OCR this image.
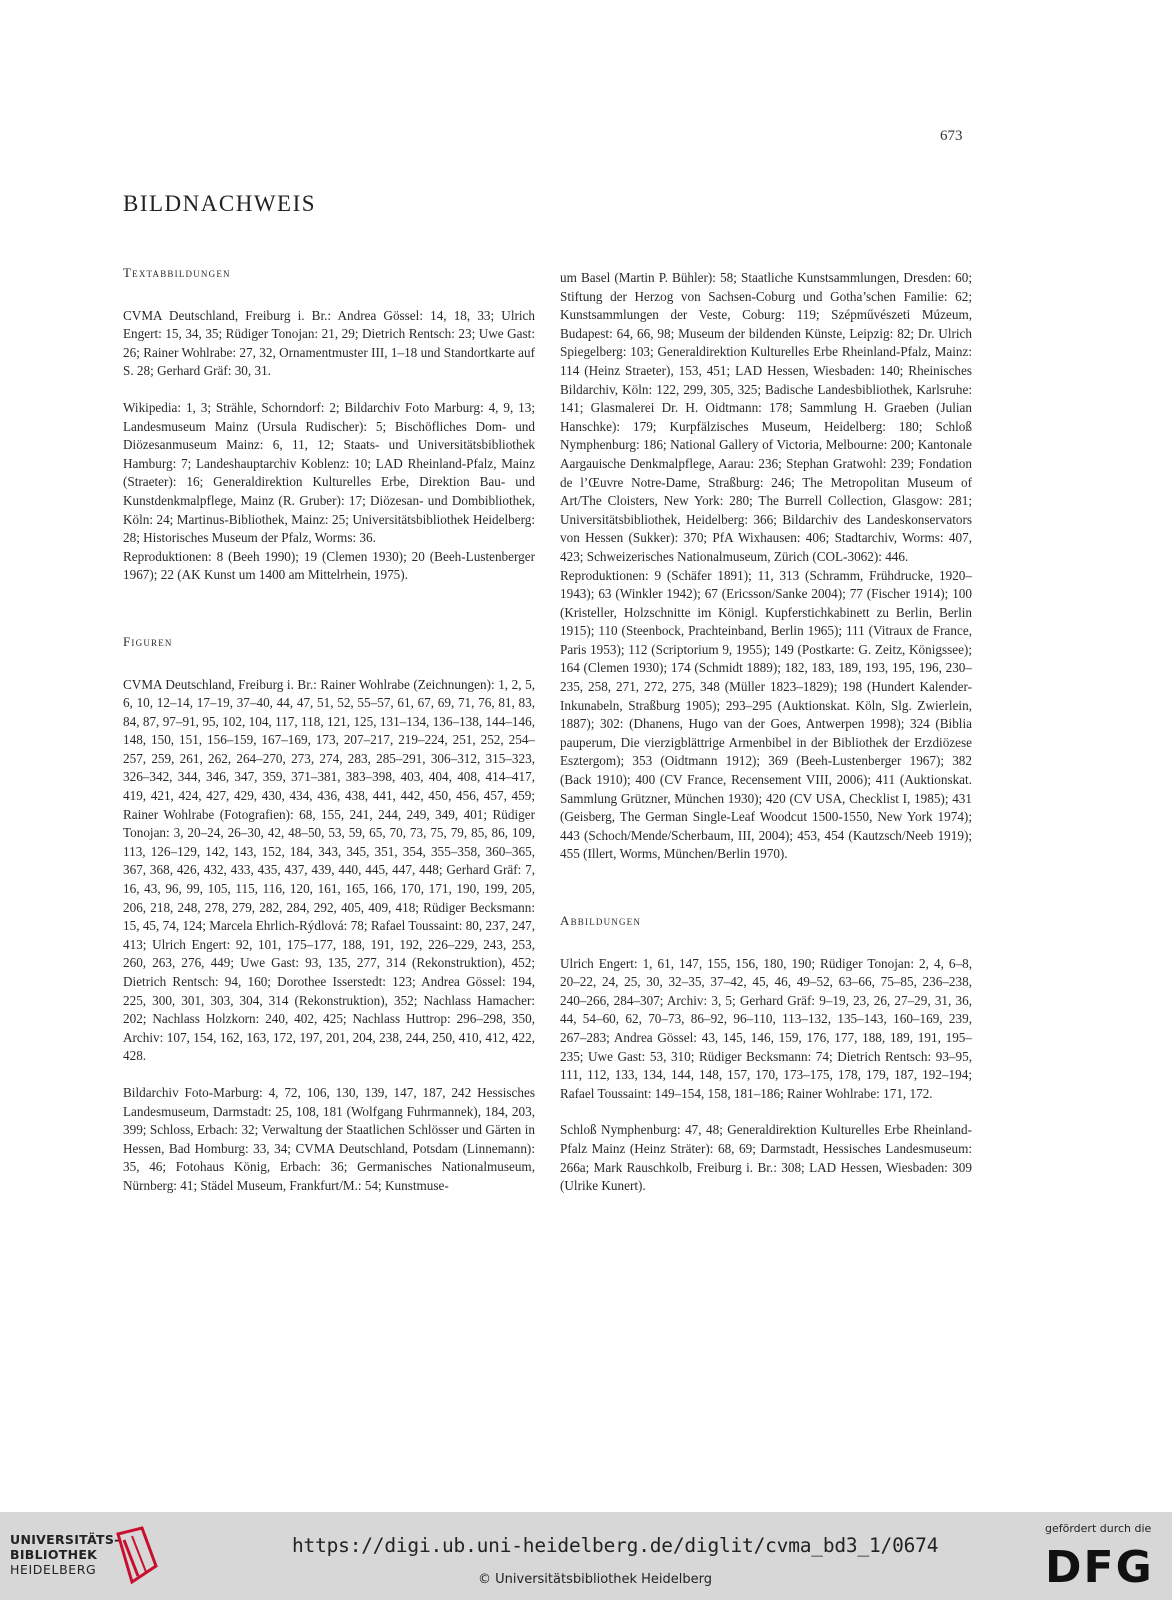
673
BILDNACHWEIS
Textabbildungen

CVMA Deutschland, Freiburg i. Br.: Andrea Gössel: 14, 18, 33; Ulrich Engert: 15, 34, 35; Rüdiger Tonojan: 21, 29; Dietrich Rentsch: 23; Uwe Gast: 26; Rainer Wohlrabe: 27, 32, Ornamentmuster III, 1–18 und Standortkarte auf S. 28; Gerhard Gräf: 30, 31.

Wikipedia: 1, 3; Strähle, Schorndorf: 2; Bildarchiv Foto Marburg: 4, 9, 13; Landesmuseum Mainz (Ursula Rudischer): 5; Bischöfliches Dom- und Diözesanmuseum Mainz: 6, 11, 12; Staats- und Universitätsbibliothek Hamburg: 7; Landeshauptarchiv Koblenz: 10; LAD Rheinland-Pfalz, Mainz (Straeter): 16; Generaldirektion Kulturelles Erbe, Direktion Bau- und Kunstdenkmalpflege, Mainz (R. Gruber): 17; Diözesan- und Dombibliothek, Köln: 24; Martinus-Bibliothek, Mainz: 25; Universitätsbibliothek Heidelberg: 28; Historisches Museum der Pfalz, Worms: 36.

Reproduktionen: 8 (Beeh 1990); 19 (Clemen 1930); 20 (Beeh-Lustenberger 1967); 22 (AK Kunst um 1400 am Mittelrhein, 1975).

Figuren

CVMA Deutschland, Freiburg i. Br.: Rainer Wohlrabe (Zeichnungen): 1, 2, 5, 6, 10, 12–14, 17–19, 37–40, 44, 47, 51, 52, 55–57, 61, 67, 69, 71, 76, 81, 83, 84, 87, 97–91, 95, 102, 104, 117, 118, 121, 125, 131–134, 136–138, 144–146, 148, 150, 151, 156–159, 167–169, 173, 207–217, 219–224, 251, 252, 254–257, 259, 261, 262, 264–270, 273, 274, 283, 285–291, 306–312, 315–323, 326–342, 344, 346, 347, 359, 371–381, 383–398, 403, 404, 408, 414–417, 419, 421, 424, 427, 429, 430, 434, 436, 438, 441, 442, 450, 456, 457, 459; Rainer Wohlrabe (Fotografien): 68, 155, 241, 244, 249, 349, 401; Rüdiger Tonojan: 3, 20–24, 26–30, 42, 48–50, 53, 59, 65, 70, 73, 75, 79, 85, 86, 109, 113, 126–129, 142, 143, 152, 184, 343, 345, 351, 354, 355–358, 360–365, 367, 368, 426, 432, 433, 435, 437, 439, 440, 445, 447, 448; Gerhard Gräf: 7, 16, 43, 96, 99, 105, 115, 116, 120, 161, 165, 166, 170, 171, 190, 199, 205, 206, 218, 248, 278, 279, 282, 284, 292, 405, 409, 418; Rüdiger Becksmann: 15, 45, 74, 124; Marcela Ehrlich-Rýdlová: 78; Rafael Toussaint: 80, 237, 247, 413; Ulrich Engert: 92, 101, 175–177, 188, 191, 192, 226–229, 243, 253, 260, 263, 276, 449; Uwe Gast: 93, 135, 277, 314 (Rekonstruktion), 452; Dietrich Rentsch: 94, 160; Dorothee Isserstedt: 123; Andrea Gössel: 194, 225, 300, 301, 303, 304, 314 (Rekonstruktion), 352; Nachlass Hamacher: 202; Nachlass Holzkorn: 240, 402, 425; Nachlass Huttrop: 296–298, 350, Archiv: 107, 154, 162, 163, 172, 197, 201, 204, 238, 244, 250, 410, 412, 422, 428.

Bildarchiv Foto-Marburg: 4, 72, 106, 130, 139, 147, 187, 242 Hessisches Landesmuseum, Darmstadt: 25, 108, 181 (Wolfgang Fuhrmannek), 184, 203, 399; Schloss, Erbach: 32; Verwaltung der Staatlichen Schlösser und Gärten in Hessen, Bad Homburg: 33, 34; CVMA Deutschland, Potsdam (Linnemann): 35, 46; Fotohaus König, Erbach: 36; Germanisches Nationalmuseum, Nürnberg: 41; Städel Museum, Frankfurt/M.: 54; Kunstmuse-

um Basel (Martin P. Bühler): 58; Staatliche Kunstsammlungen, Dresden: 60; Stiftung der Herzog von Sachsen-Coburg und Gotha’schen Familie: 62; Kunstsammlungen der Veste, Coburg: 119; Szépművészeti Múzeum, Budapest: 64, 66, 98; Museum der bildenden Künste, Leipzig: 82; Dr. Ulrich Spiegelberg: 103; Generaldirektion Kulturelles Erbe Rheinland-Pfalz, Mainz: 114 (Heinz Straeter), 153, 451; LAD Hessen, Wiesbaden: 140; Rheinisches Bildarchiv, Köln: 122, 299, 305, 325; Badische Landesbibliothek, Karlsruhe: 141; Glasmalerei Dr. H. Oidtmann: 178; Sammlung H. Graeben (Julian Hanschke): 179; Kurpfälzisches Museum, Heidelberg: 180; Schloß Nymphenburg: 186; National Gallery of Victoria, Melbourne: 200; Kantonale Aargauische Denkmalpflege, Aarau: 236; Stephan Gratwohl: 239; Fondation de l’Œuvre Notre-Dame, Straßburg: 246; The Metropolitan Museum of Art/The Cloisters, New York: 280; The Burrell Collection, Glasgow: 281; Universitätsbibliothek, Heidelberg: 366; Bildarchiv des Landeskonservators von Hessen (Sukker): 370; PfA Wixhausen: 406; Stadtarchiv, Worms: 407, 423; Schweizerisches Nationalmuseum, Zürich (COL-3062): 446.

Reproduktionen: 9 (Schäfer 1891); 11, 313 (Schramm, Frühdrucke, 1920–1943); 63 (Winkler 1942); 67 (Ericsson/Sanke 2004); 77 (Fischer 1914); 100 (Kristeller, Holzschnitte im Königl. Kupferstichkabinett zu Berlin, Berlin 1915); 110 (Steenbock, Prachteinband, Berlin 1965); 111 (Vitraux de France, Paris 1953); 112 (Scriptorium 9, 1955); 149 (Postkarte: G. Zeitz, Königssee); 164 (Clemen 1930); 174 (Schmidt 1889); 182, 183, 189, 193, 195, 196, 230–235, 258, 271, 272, 275, 348 (Müller 1823–1829); 198 (Hundert Kalender-Inkunabeln, Straßburg 1905); 293–295 (Auktionskat. Köln, Slg. Zwierlein, 1887); 302: (Dhanens, Hugo van der Goes, Antwerpen 1998); 324 (Biblia pauperum, Die vierzigblättrige Armenbibel in der Bibliothek der Erzdiözese Esztergom); 353 (Oidtmann 1912); 369 (Beeh-Lustenberger 1967); 382 (Back 1910); 400 (CV France, Recensement VIII, 2006); 411 (Auktionskat. Sammlung Grützner, München 1930); 420 (CV USA, Checklist I, 1985); 431 (Geisberg, The German Single-Leaf Woodcut 1500-1550, New York 1974); 443 (Schoch/Mende/Scherbaum, III, 2004); 453, 454 (Kautzsch/Neeb 1919); 455 (Illert, Worms, München/Berlin 1970).

Abbildungen

Ulrich Engert: 1, 61, 147, 155, 156, 180, 190; Rüdiger Tonojan: 2, 4, 6–8, 20–22, 24, 25, 30, 32–35, 37–42, 45, 46, 49–52, 63–66, 75–85, 236–238, 240–266, 284–307; Archiv: 3, 5; Gerhard Gräf: 9–19, 23, 26, 27–29, 31, 36, 44, 54–60, 62, 70–73, 86–92, 96–110, 113–132, 135–143, 160–169, 239, 267–283; Andrea Gössel: 43, 145, 146, 159, 176, 177, 188, 189, 191, 195–235; Uwe Gast: 53, 310; Rüdiger Becksmann: 74; Dietrich Rentsch: 93–95, 111, 112, 133, 134, 144, 148, 157, 170, 173–175, 178, 179, 187, 192–194; Rafael Toussaint: 149–154, 158, 181–186; Rainer Wohlrabe: 171, 172.

Schloß Nymphenburg: 47, 48; Generaldirektion Kulturelles Erbe Rheinland-Pfalz Mainz (Heinz Sträter): 68, 69; Darmstadt, Hessisches Landesmuseum: 266a; Mark Rauschkolb, Freiburg i. Br.: 308; LAD Hessen, Wiesbaden: 309 (Ulrike Kunert).

UNIVERSITÄTS-
BIBLIOTHEK
HEIDELBERG
https://digi.ub.uni-heidelberg.de/diglit/cvma_bd3_1/0674
© Universitätsbibliothek Heidelberg
gefördert durch die
DFG
